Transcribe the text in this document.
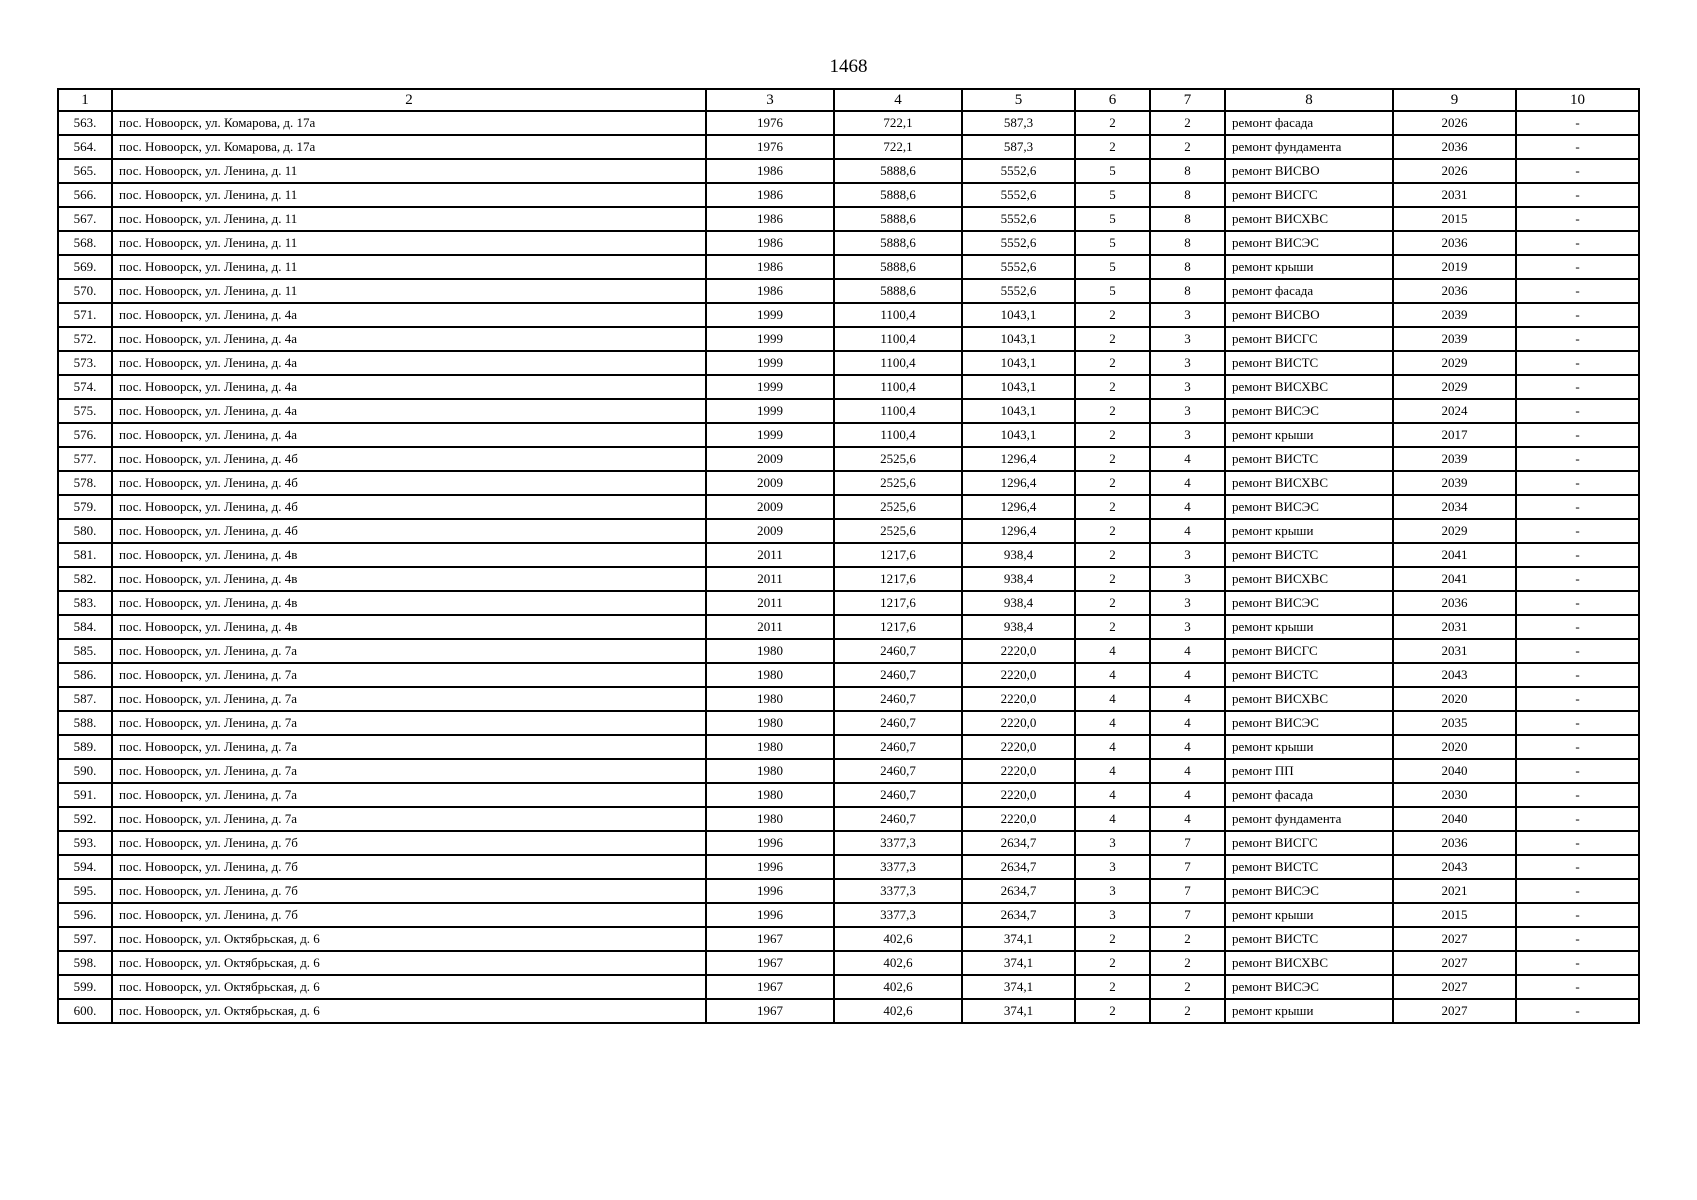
1468
1	2	3	4	5	6	7	8	9	10
563.	пос. Новоорск, ул. Комарова, д. 17а	1976	722,1	587,3	2	2	ремонт фасада	2026	-
564.	пос. Новоорск, ул. Комарова, д. 17а	1976	722,1	587,3	2	2	ремонт фундамента	2036	-
565.	пос. Новоорск, ул. Ленина, д. 11	1986	5888,6	5552,6	5	8	ремонт ВИСВО	2026	-
566.	пос. Новоорск, ул. Ленина, д. 11	1986	5888,6	5552,6	5	8	ремонт ВИСГС	2031	-
567.	пос. Новоорск, ул. Ленина, д. 11	1986	5888,6	5552,6	5	8	ремонт ВИСХВС	2015	-
568.	пос. Новоорск, ул. Ленина, д. 11	1986	5888,6	5552,6	5	8	ремонт ВИСЭС	2036	-
569.	пос. Новоорск, ул. Ленина, д. 11	1986	5888,6	5552,6	5	8	ремонт крыши	2019	-
570.	пос. Новоорск, ул. Ленина, д. 11	1986	5888,6	5552,6	5	8	ремонт фасада	2036	-
571.	пос. Новоорск, ул. Ленина, д. 4а	1999	1100,4	1043,1	2	3	ремонт ВИСВО	2039	-
572.	пос. Новоорск, ул. Ленина, д. 4а	1999	1100,4	1043,1	2	3	ремонт ВИСГС	2039	-
573.	пос. Новоорск, ул. Ленина, д. 4а	1999	1100,4	1043,1	2	3	ремонт ВИСТС	2029	-
574.	пос. Новоорск, ул. Ленина, д. 4а	1999	1100,4	1043,1	2	3	ремонт ВИСХВС	2029	-
575.	пос. Новоорск, ул. Ленина, д. 4а	1999	1100,4	1043,1	2	3	ремонт ВИСЭС	2024	-
576.	пос. Новоорск, ул. Ленина, д. 4а	1999	1100,4	1043,1	2	3	ремонт крыши	2017	-
577.	пос. Новоорск, ул. Ленина, д. 4б	2009	2525,6	1296,4	2	4	ремонт ВИСТС	2039	-
578.	пос. Новоорск, ул. Ленина, д. 4б	2009	2525,6	1296,4	2	4	ремонт ВИСХВС	2039	-
579.	пос. Новоорск, ул. Ленина, д. 4б	2009	2525,6	1296,4	2	4	ремонт ВИСЭС	2034	-
580.	пос. Новоорск, ул. Ленина, д. 4б	2009	2525,6	1296,4	2	4	ремонт крыши	2029	-
581.	пос. Новоорск, ул. Ленина, д. 4в	2011	1217,6	938,4	2	3	ремонт ВИСТС	2041	-
582.	пос. Новоорск, ул. Ленина, д. 4в	2011	1217,6	938,4	2	3	ремонт ВИСХВС	2041	-
583.	пос. Новоорск, ул. Ленина, д. 4в	2011	1217,6	938,4	2	3	ремонт ВИСЭС	2036	-
584.	пос. Новоорск, ул. Ленина, д. 4в	2011	1217,6	938,4	2	3	ремонт крыши	2031	-
585.	пос. Новоорск, ул. Ленина, д. 7а	1980	2460,7	2220,0	4	4	ремонт ВИСГС	2031	-
586.	пос. Новоорск, ул. Ленина, д. 7а	1980	2460,7	2220,0	4	4	ремонт ВИСТС	2043	-
587.	пос. Новоорск, ул. Ленина, д. 7а	1980	2460,7	2220,0	4	4	ремонт ВИСХВС	2020	-
588.	пос. Новоорск, ул. Ленина, д. 7а	1980	2460,7	2220,0	4	4	ремонт ВИСЭС	2035	-
589.	пос. Новоорск, ул. Ленина, д. 7а	1980	2460,7	2220,0	4	4	ремонт крыши	2020	-
590.	пос. Новоорск, ул. Ленина, д. 7а	1980	2460,7	2220,0	4	4	ремонт ПП	2040	-
591.	пос. Новоорск, ул. Ленина, д. 7а	1980	2460,7	2220,0	4	4	ремонт фасада	2030	-
592.	пос. Новоорск, ул. Ленина, д. 7а	1980	2460,7	2220,0	4	4	ремонт фундамента	2040	-
593.	пос. Новоорск, ул. Ленина, д. 7б	1996	3377,3	2634,7	3	7	ремонт ВИСГС	2036	-
594.	пос. Новоорск, ул. Ленина, д. 7б	1996	3377,3	2634,7	3	7	ремонт ВИСТС	2043	-
595.	пос. Новоорск, ул. Ленина, д. 7б	1996	3377,3	2634,7	3	7	ремонт ВИСЭС	2021	-
596.	пос. Новоорск, ул. Ленина, д. 7б	1996	3377,3	2634,7	3	7	ремонт крыши	2015	-
597.	пос. Новоорск, ул. Октябрьская, д. 6	1967	402,6	374,1	2	2	ремонт ВИСТС	2027	-
598.	пос. Новоорск, ул. Октябрьская, д. 6	1967	402,6	374,1	2	2	ремонт ВИСХВС	2027	-
599.	пос. Новоорск, ул. Октябрьская, д. 6	1967	402,6	374,1	2	2	ремонт ВИСЭС	2027	-
600.	пос. Новоорск, ул. Октябрьская, д. 6	1967	402,6	374,1	2	2	ремонт крыши	2027	-
